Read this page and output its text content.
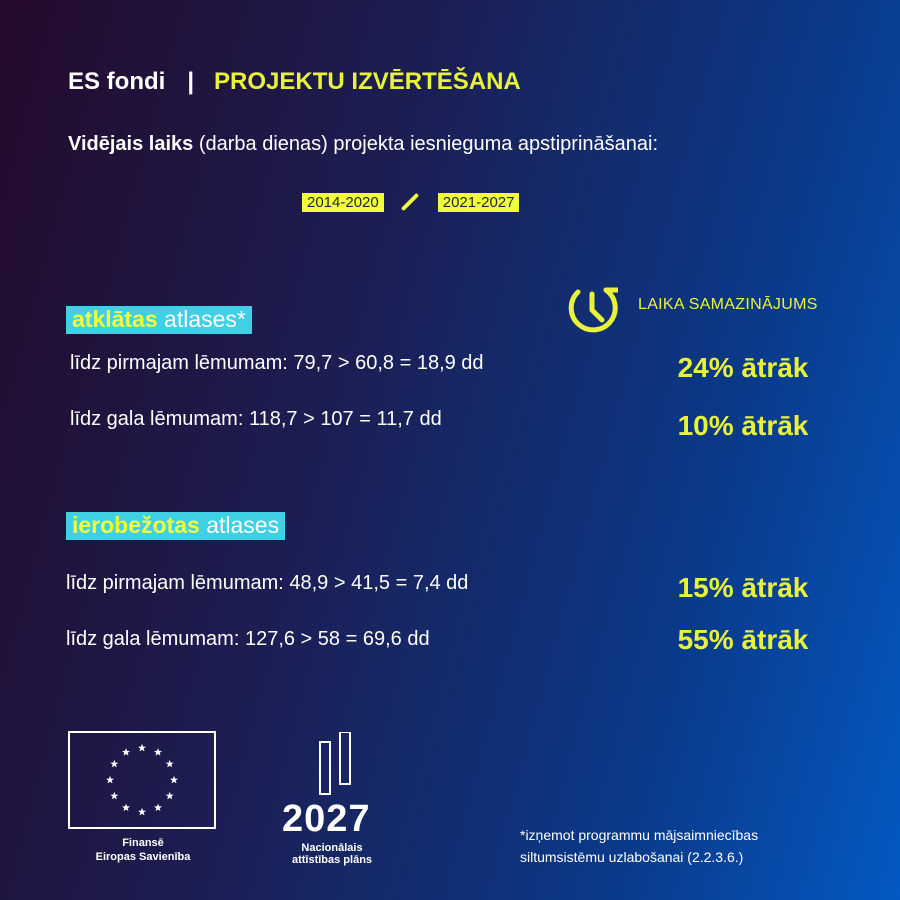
ES fondi | PROJEKTU IZVĒRTĒŠANA
Vidējais laiks (darba dienas) projekta iesnieguma apstiprināšanai:
2014-2020	2021-2027
LAIKA SAMAZINĀJUMS
atklātas atlases*
līdz pirmajam lēmumam: 79,7 > 60,8 = 18,9 dd	24% ātrāk
līdz gala lēmumam: 118,7 > 107 = 11,7 dd	10% ātrāk
ierobežotas atlases
līdz pirmajam lēmumam: 48,9 > 41,5 = 7,4 dd	15% ātrāk
līdz gala lēmumam: 127,6 > 58 = 69,6 dd	55% ātrāk
Finansē
Eiropas Savienība
2027
Nacionālais
attīstības plāns
*izņemot programmu mājsaimniecības
siltumsistēmu uzlabošanai (2.2.3.6.)
